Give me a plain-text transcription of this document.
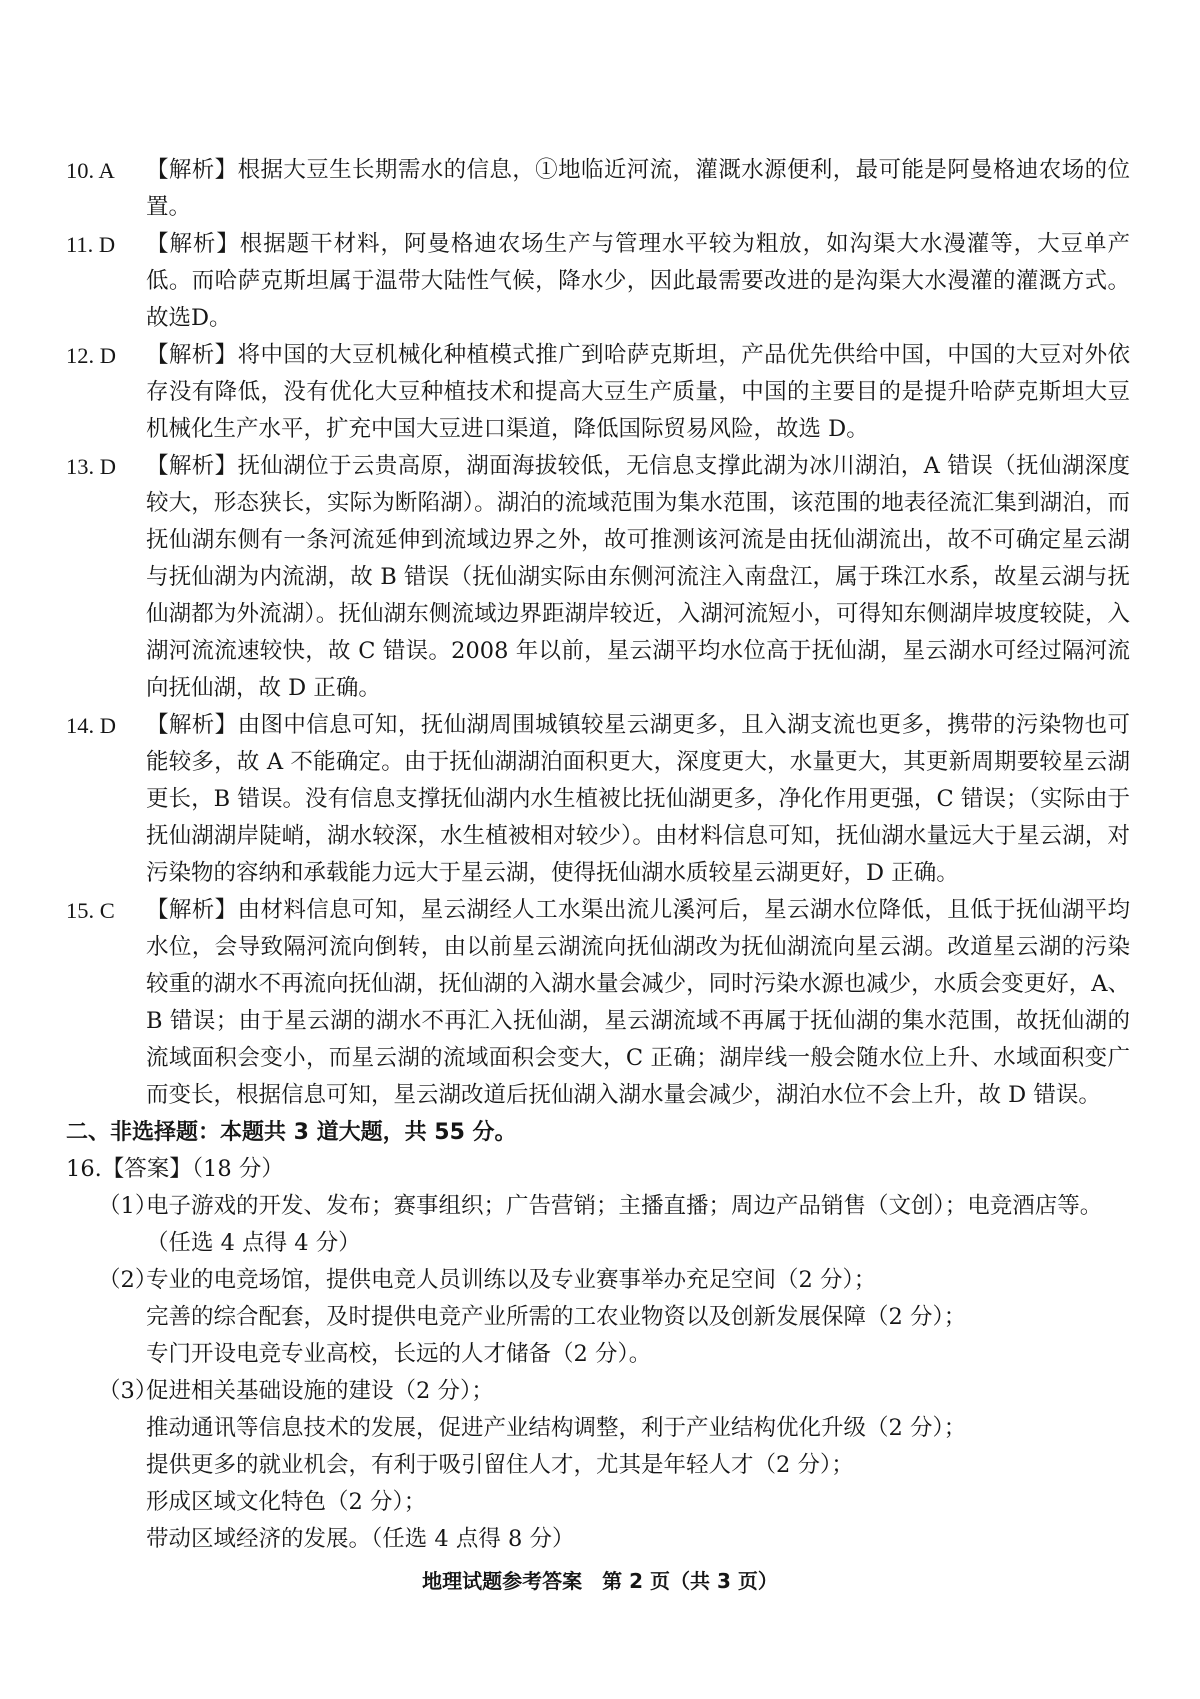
10. A 【解析】根据大豆生长期需水的信息，①地临近河流，灌溉水源便利，最可能是阿曼格迪农场的位置。
11. D 【解析】根据题干材料，阿曼格迪农场生产与管理水平较为粗放，如沟渠大水漫灌等，大豆单产低。而哈萨克斯坦属于温带大陆性气候，降水少，因此最需要改进的是沟渠大水漫灌的灌溉方式。故选D。
12. D 【解析】将中国的大豆机械化种植模式推广到哈萨克斯坦，产品优先供给中国，中国的大豆对外依存没有降低，没有优化大豆种植技术和提高大豆生产质量，中国的主要目的是提升哈萨克斯坦大豆机械化生产水平，扩充中国大豆进口渠道，降低国际贸易风险，故选 D。
13. D 【解析】抚仙湖位于云贵高原，湖面海拔较低，无信息支撑此湖为冰川湖泊，A 错误（抚仙湖深度较大，形态狭长，实际为断陷湖）。湖泊的流域范围为集水范围，该范围的地表径流汇集到湖泊，而抚仙湖东侧有一条河流延伸到流域边界之外，故可推测该河流是由抚仙湖流出，故不可确定星云湖与抚仙湖为内流湖，故 B 错误（抚仙湖实际由东侧河流注入南盘江，属于珠江水系，故星云湖与抚仙湖都为外流湖）。抚仙湖东侧流域边界距湖岸较近，入湖河流短小，可得知东侧湖岸坡度较陡，入湖河流流速较快，故 C 错误。2008 年以前，星云湖平均水位高于抚仙湖，星云湖水可经过隔河流向抚仙湖，故 D 正确。
14. D 【解析】由图中信息可知，抚仙湖周围城镇较星云湖更多，且入湖支流也更多，携带的污染物也可能较多，故 A 不能确定。由于抚仙湖湖泊面积更大，深度更大，水量更大，其更新周期要较星云湖更长，B 错误。没有信息支撑抚仙湖内水生植被比抚仙湖更多，净化作用更强，C 错误；（实际由于抚仙湖湖岸陡峭，湖水较深，水生植被相对较少）。由材料信息可知，抚仙湖水量远大于星云湖，对污染物的容纳和承载能力远大于星云湖，使得抚仙湖水质较星云湖更好，D 正确。
15. C 【解析】由材料信息可知，星云湖经人工水渠出流儿溪河后，星云湖水位降低，且低于抚仙湖平均水位，会导致隔河流向倒转，由以前星云湖流向抚仙湖改为抚仙湖流向星云湖。改道星云湖的污染较重的湖水不再流向抚仙湖，抚仙湖的入湖水量会减少，同时污染水源也减少，水质会变更好，A、B 错误；由于星云湖的湖水不再汇入抚仙湖，星云湖流域不再属于抚仙湖的集水范围，故抚仙湖的流域面积会变小，而星云湖的流域面积会变大，C 正确；湖岸线一般会随水位上升、水域面积变广而变长，根据信息可知，星云湖改道后抚仙湖入湖水量会减少，湖泊水位不会上升，故 D 错误。
二、非选择题：本题共 3 道大题，共 55 分。
16.【答案】（18 分）
（1）
电子游戏的开发、发布；赛事组织；广告营销；主播直播；周边产品销售（文创）；电竞酒店等。
（任选 4 点得 4 分）
（2）
专业的电竞场馆，提供电竞人员训练以及专业赛事举办充足空间（2 分）；
完善的综合配套，及时提供电竞产业所需的工农业物资以及创新发展保障（2 分）；
专门开设电竞专业高校，长远的人才储备（2 分）。
（3）
促进相关基础设施的建设（2 分）；
推动通讯等信息技术的发展，促进产业结构调整，利于产业结构优化升级（2 分）；
提供更多的就业机会，有利于吸引留住人才，尤其是年轻人才（2 分）；
形成区域文化特色（2 分）；
带动区域经济的发展。（任选 4 点得 8 分）
地理试题参考答案　第 2 页（共 3 页）
